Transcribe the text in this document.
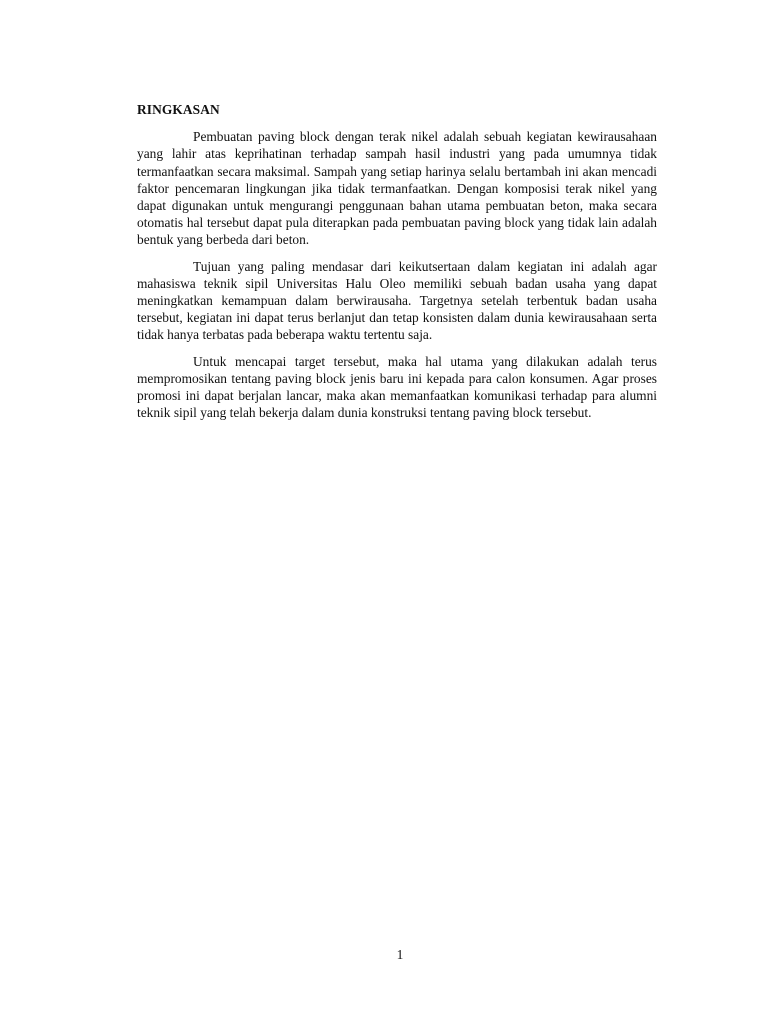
RINGKASAN

Pembuatan paving block dengan terak nikel adalah sebuah kegiatan kewirausahaan yang lahir atas keprihatinan terhadap sampah hasil industri yang pada umumnya tidak termanfaatkan secara maksimal. Sampah yang setiap harinya selalu bertambah ini akan mencadi faktor pencemaran lingkungan jika tidak termanfaatkan. Dengan komposisi terak nikel yang dapat digunakan untuk mengurangi penggunaan bahan utama pembuatan beton, maka secara otomatis hal tersebut dapat pula diterapkan pada pembuatan paving block yang tidak lain adalah bentuk yang berbeda dari beton.

Tujuan yang paling mendasar dari keikutsertaan dalam kegiatan ini adalah agar mahasiswa teknik sipil Universitas Halu Oleo memiliki sebuah badan usaha yang dapat meningkatkan kemampuan dalam berwirausaha. Targetnya setelah terbentuk badan usaha tersebut, kegiatan ini dapat terus berlanjut dan tetap konsisten dalam dunia kewirausahaan serta tidak hanya terbatas pada beberapa waktu tertentu saja.

Untuk mencapai target tersebut, maka hal utama yang dilakukan adalah terus mempromosikan tentang paving block jenis baru ini kepada para calon konsumen. Agar proses promosi ini dapat berjalan lancar, maka akan memanfaatkan komunikasi terhadap para alumni teknik sipil yang telah bekerja dalam dunia konstruksi tentang paving block tersebut.

1
